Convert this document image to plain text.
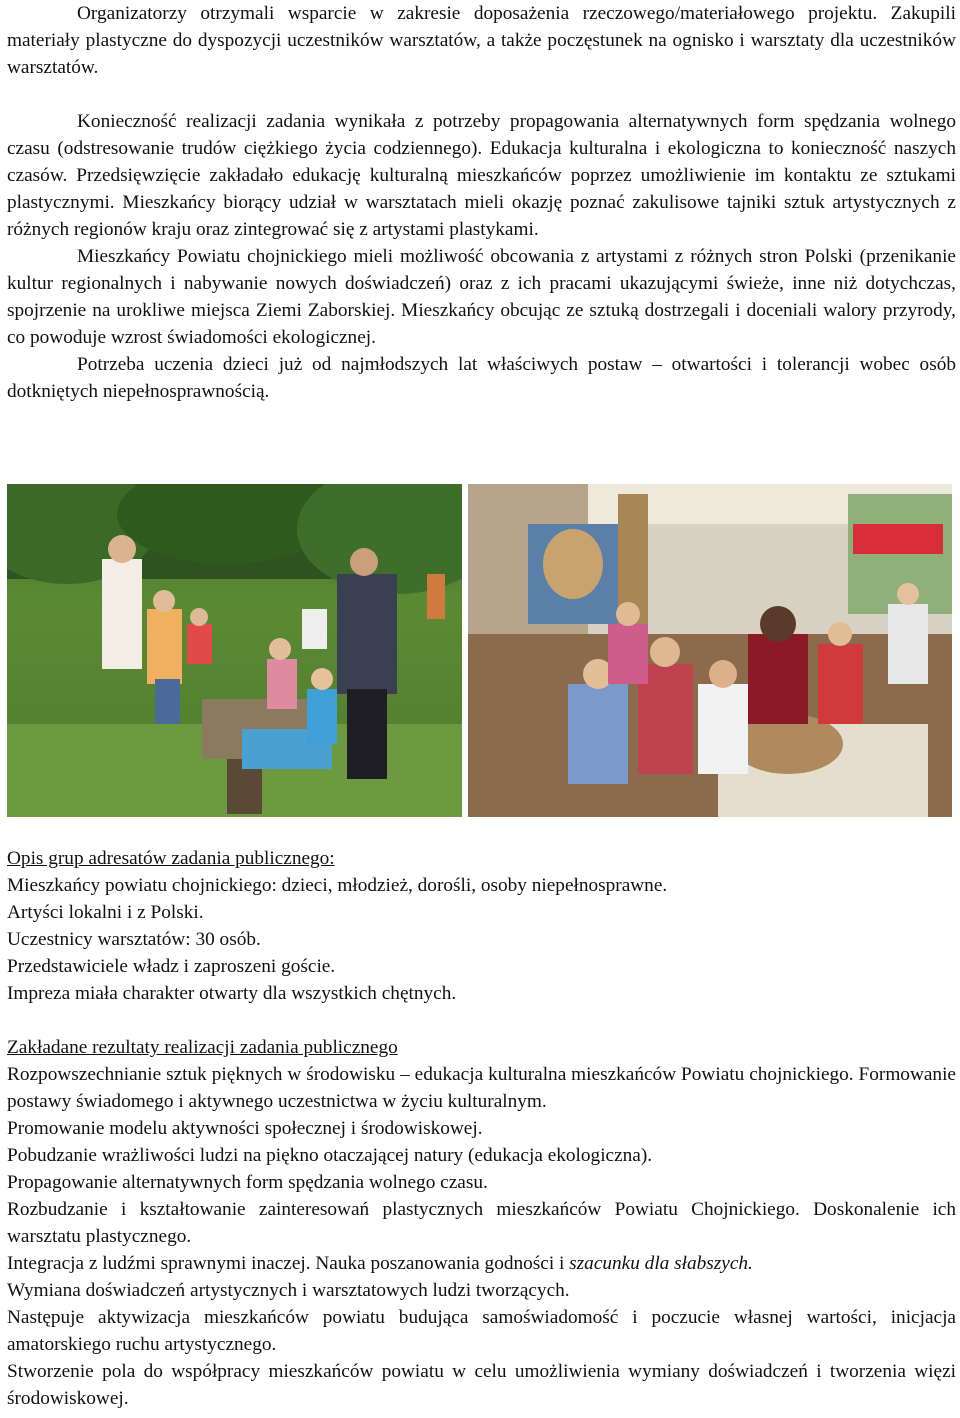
Organizatorzy otrzymali wsparcie w zakresie doposażenia rzeczowego/materiałowego projektu. Zakupili materiały plastyczne do dyspozycji uczestników warsztatów, a także poczęstunek na ognisko i warsztaty dla uczestników warsztatów.

Konieczność realizacji zadania wynikała z potrzeby propagowania alternatywnych form spędzania wolnego czasu (odstresowanie trudów ciężkiego życia codziennego). Edukacja kulturalna i ekologiczna to konieczność naszych czasów. Przedsięwzięcie zakładało edukację kulturalną mieszkańców poprzez umożliwienie im kontaktu ze sztukami plastycznymi. Mieszkańcy biorący udział w warsztatach mieli okazję poznać zakulisowe tajniki sztuk artystycznych z różnych regionów kraju oraz zintegrować się z artystami plastykami.

Mieszkańcy Powiatu chojnickiego mieli możliwość obcowania z artystami z różnych stron Polski (przenikanie kultur regionalnych i nabywanie nowych doświadczeń) oraz z ich pracami ukazującymi świeże, inne niż dotychczas, spojrzenie na urokliwe miejsca Ziemi Zaborskiej. Mieszkańcy obcując ze sztuką dostrzegali i doceniali walory przyrody, co powoduje wzrost świadomości ekologicznej.

Potrzeba uczenia dzieci już od najmłodszych lat właściwych postaw – otwartości i tolerancji wobec osób dotkniętych niepełnosprawnością.

Opis grup adresatów zadania publicznego:
Mieszkańcy powiatu chojnickiego: dzieci, młodzież, dorośli, osoby niepełnosprawne.
Artyści lokalni i z Polski.
Uczestnicy warsztatów: 30 osób.
Przedstawiciele władz i zaproszeni goście.
Impreza miała charakter otwarty dla wszystkich chętnych.
Zakładane rezultaty realizacji zadania publicznego

Rozpowszechnianie sztuk pięknych w środowisku – edukacja kulturalna mieszkańców Powiatu chojnickiego. Formowanie postawy świadomego i aktywnego uczestnictwa w życiu kulturalnym.

Promowanie modelu aktywności społecznej i środowiskowej.
Pobudzanie wrażliwości ludzi na piękno otaczającej natury (edukacja ekologiczna).
Propagowanie alternatywnych form spędzania wolnego czasu.

Rozbudzanie i kształtowanie zainteresowań plastycznych mieszkańców Powiatu Chojnickiego. Doskonalenie ich warsztatu plastycznego.

Integracja z ludźmi sprawnymi inaczej. Nauka poszanowania godności i szacunku dla słabszych.
Wymiana doświadczeń artystycznych i warsztatowych ludzi tworzących.

Następuje aktywizacja mieszkańców powiatu budująca samoświadomość i poczucie własnej wartości, inicjacja amatorskiego ruchu artystycznego.

Stworzenie pola do współpracy mieszkańców powiatu w celu umożliwienia wymiany doświadczeń i tworzenia więzi środowiskowej.
